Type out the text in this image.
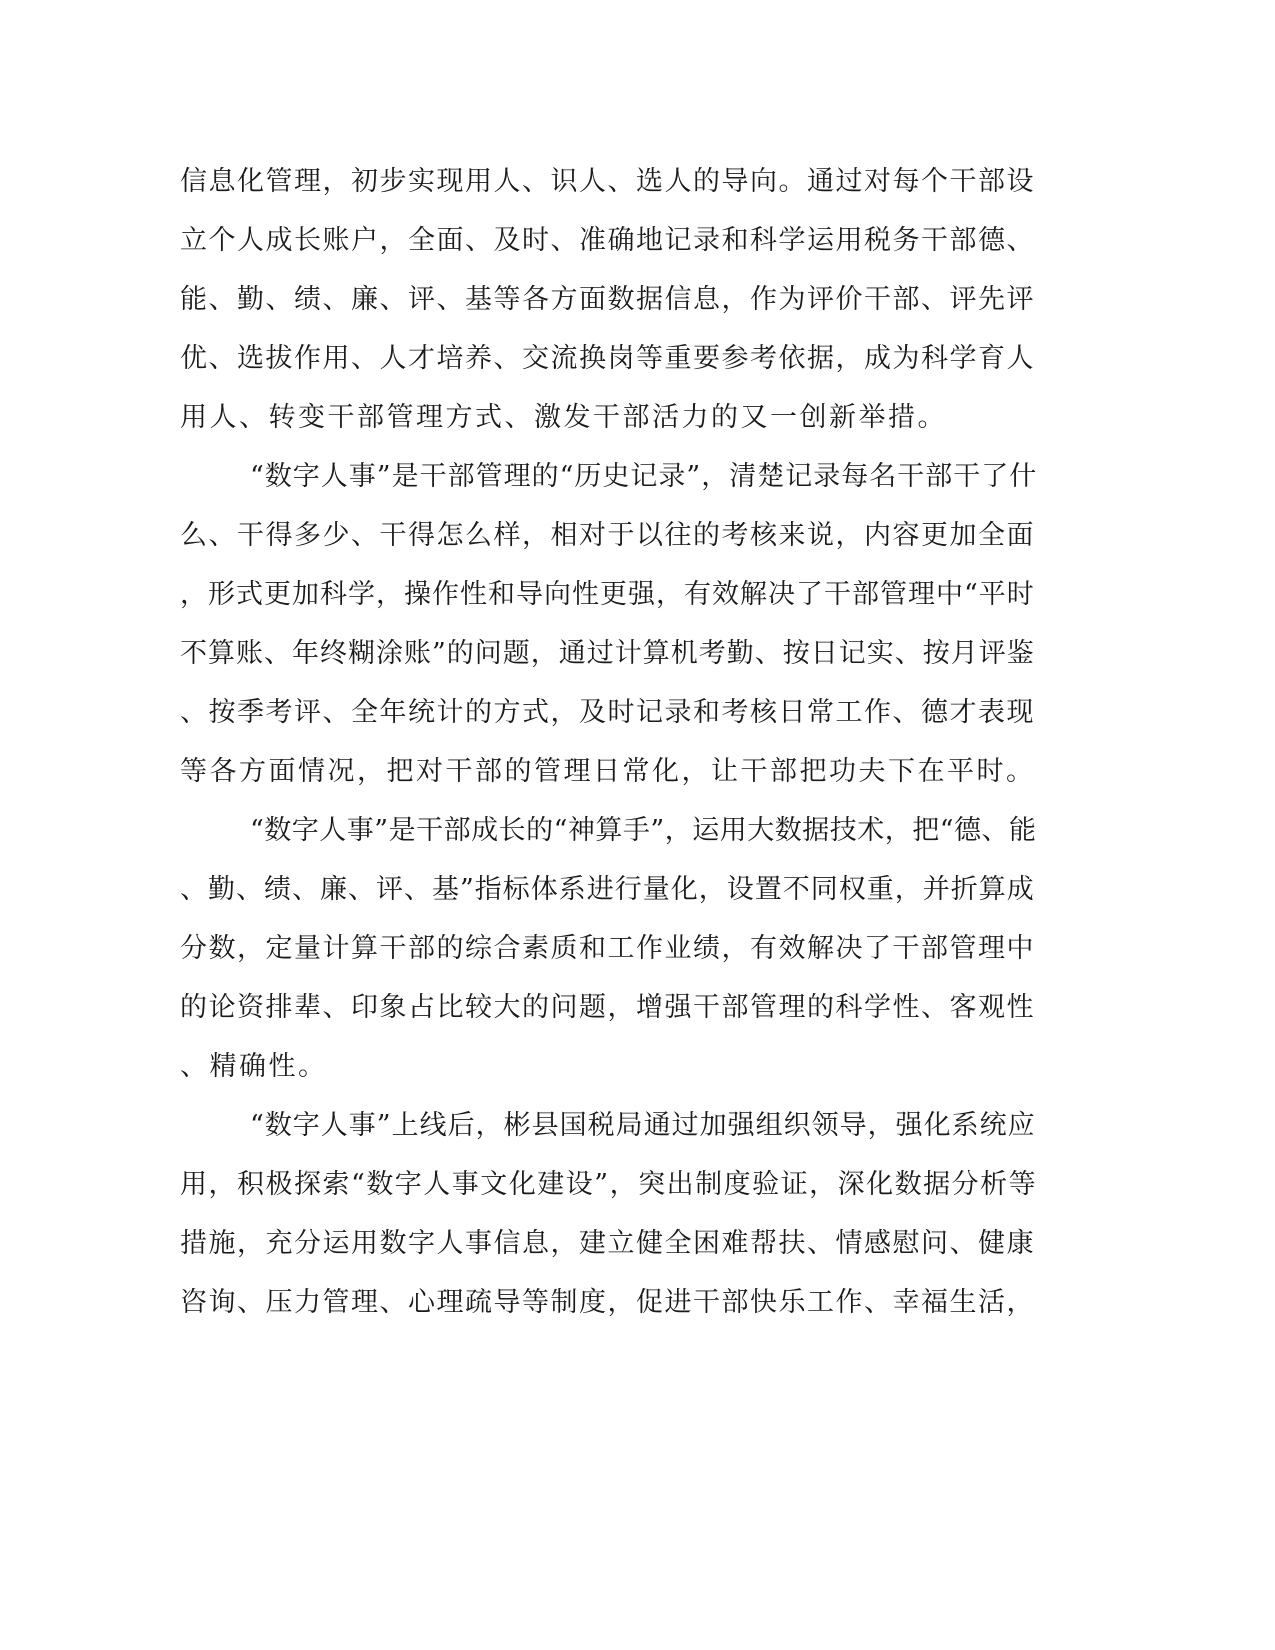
信息化管理，初步实现用人、识人、选人的导向。通过对每个干部设
立个人成长账户，全面、及时、准确地记录和科学运用税务干部德、
能、勤、绩、廉、评、基等各方面数据信息，作为评价干部、评先评
优、选拔作用、人才培养、交流换岗等重要参考依据，成为科学育人
用人、转变干部管理方式、激发干部活力的又一创新举措。
“数字人事”是干部管理的“历史记录”，清楚记录每名干部干了什
么、干得多少、干得怎么样，相对于以往的考核来说，内容更加全面
，形式更加科学，操作性和导向性更强，有效解决了干部管理中“平时
不算账、年终糊涂账”的问题，通过计算机考勤、按日记实、按月评鉴
、按季考评、全年统计的方式，及时记录和考核日常工作、德才表现
等各方面情况，把对干部的管理日常化，让干部把功夫下在平时。
“数字人事”是干部成长的“神算手”，运用大数据技术，把“德、能
、勤、绩、廉、评、基”指标体系进行量化，设置不同权重，并折算成
分数，定量计算干部的综合素质和工作业绩，有效解决了干部管理中
的论资排辈、印象占比较大的问题，增强干部管理的科学性、客观性
、精确性。
“数字人事”上线后，彬县国税局通过加强组织领导，强化系统应
用，积极探索“数字人事文化建设”，突出制度验证，深化数据分析等
措施，充分运用数字人事信息，建立健全困难帮扶、情感慰问、健康
咨询、压力管理、心理疏导等制度，促进干部快乐工作、幸福生活，
